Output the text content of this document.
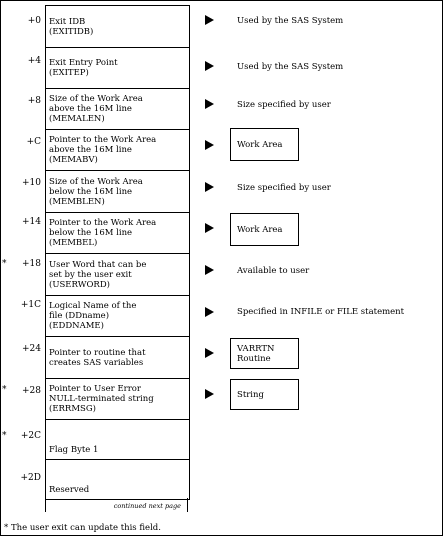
Exit IDB
(EXITIDB)
Exit Entry Point
(EXITEP)
Size of the Work Area
above the 16M line
(MEMALEN)
Pointer to the Work Area
above the 16M line
(MEMABV)
Size of the Work Area
below the 16M line
(MEMBLEN)
Pointer to the Work Area
below the 16M line
(MEMBEL)
User Word that can be
set by the user exit
(USERWORD)
Logical Name of the
file (DDname)
(EDDNAME)
Pointer to routine that
creates SAS variables
Pointer to User Error
NULL-terminated string
(ERRMSG)
Flag Byte 1
Reserved
continued next page
+0
+4
+8
+C
+10
+14
+18
+1C
+24
+28
+2C
+2D
*
*
*
Used by the SAS System
Used by the SAS System
Size specified by user
Size specified by user
Available to user
Specified in INFILE or FILE statement
Work Area
Work Area
VARRTN
Routine
String
* The user exit can update this field.
